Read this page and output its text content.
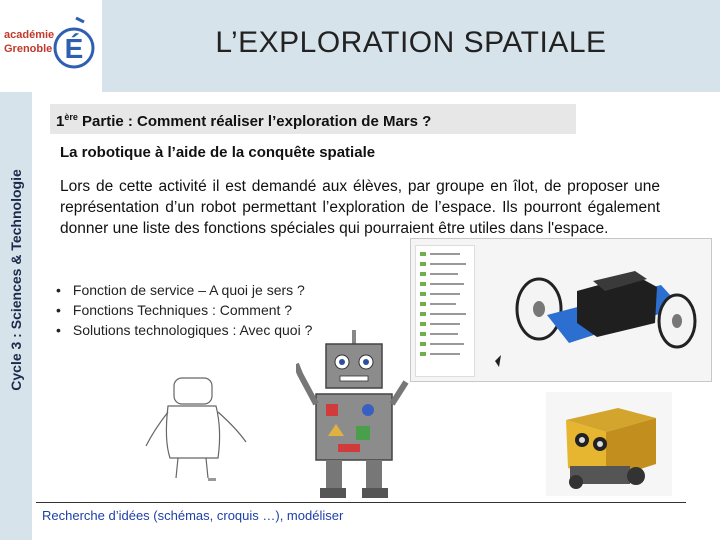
Cycle 3 : Sciences & Technologie
académie
Grenoble É	L’EXPLORATION SPATIALE
1ère Partie : Comment réaliser l’exploration de Mars ?
La robotique à l’aide de la conquête spatiale
Lors de cette activité il est demandé aux élèves, par groupe en îlot, de proposer une représentation d’un robot permettant l’exploration de l’espace. Ils pourront également donner une liste des fonctions spéciales qui pourraient être utiles dans l'espace.
• Fonction de service – A quoi je sers ?
• Fonctions Techniques : Comment ?
• Solutions technologiques : Avec quoi ?
Recherche d’idées (schémas, croquis …), modéliser
